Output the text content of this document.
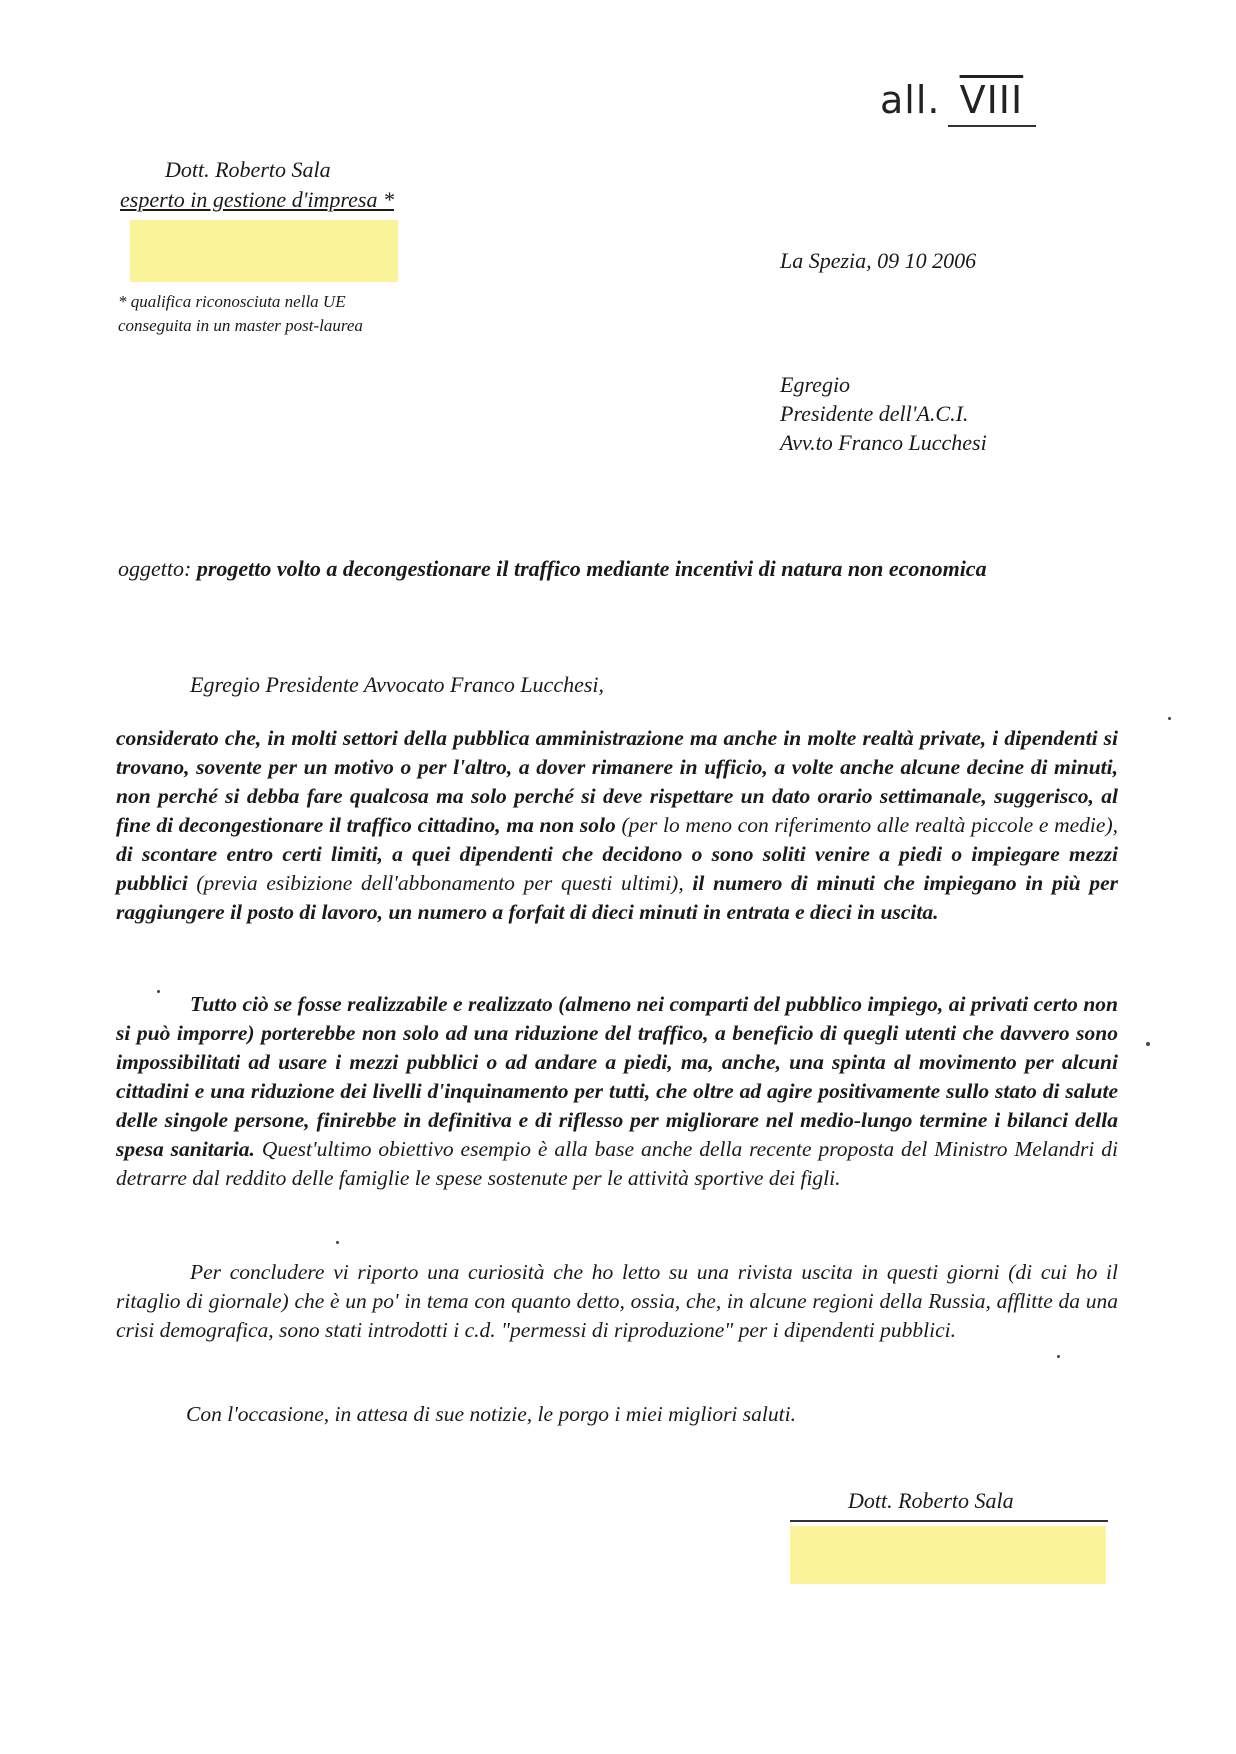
all. VIII
Dott. Roberto Sala
esperto in gestione d'impresa *
* qualifica riconosciuta nella UE
conseguita in un master post-laurea
La Spezia, 09 10 2006
Egregio
Presidente dell'A.C.I.
Avv.to Franco Lucchesi
oggetto: progetto volto a decongestionare il traffico mediante incentivi di natura non economica
Egregio Presidente Avvocato Franco Lucchesi,
considerato che, in molti settori della pubblica amministrazione ma anche in molte realtà private, i dipendenti si trovano, sovente per un motivo o per l'altro, a dover rimanere in ufficio, a volte anche alcune decine di minuti, non perché si debba fare qualcosa ma solo perché si deve rispettare un dato orario settimanale, suggerisco, al fine di decongestionare il traffico cittadino, ma non solo (per lo meno con riferimento alle realtà piccole e medie), di scontare entro certi limiti, a quei dipendenti che decidono o sono soliti venire a piedi o impiegare mezzi pubblici (previa esibizione dell'abbonamento per questi ultimi), il numero di minuti che impiegano in più per raggiungere il posto di lavoro, un numero a forfait di dieci minuti in entrata e dieci in uscita.
Tutto ciò se fosse realizzabile e realizzato (almeno nei comparti del pubblico impiego, ai privati certo non si può imporre) porterebbe non solo ad una riduzione del traffico, a beneficio di quegli utenti che davvero sono impossibilitati ad usare i mezzi pubblici o ad andare a piedi, ma, anche, una spinta al movimento per alcuni cittadini e una riduzione dei livelli d'inquinamento per tutti, che oltre ad agire positivamente sullo stato di salute delle singole persone, finirebbe in definitiva e di riflesso per migliorare nel medio-lungo termine i bilanci della spesa sanitaria. Quest'ultimo obiettivo esempio è alla base anche della recente proposta del Ministro Melandri di detrarre dal reddito delle famiglie le spese sostenute per le attività sportive dei figli.
Per concludere vi riporto una curiosità che ho letto su una rivista uscita in questi giorni (di cui ho il ritaglio di giornale) che è un po' in tema con quanto detto, ossia, che, in alcune regioni della Russia, afflitte da una crisi demografica, sono stati introdotti i c.d. "permessi di riproduzione" per i dipendenti pubblici.
Con l'occasione, in attesa di sue notizie, le porgo i miei migliori saluti.
Dott. Roberto Sala
